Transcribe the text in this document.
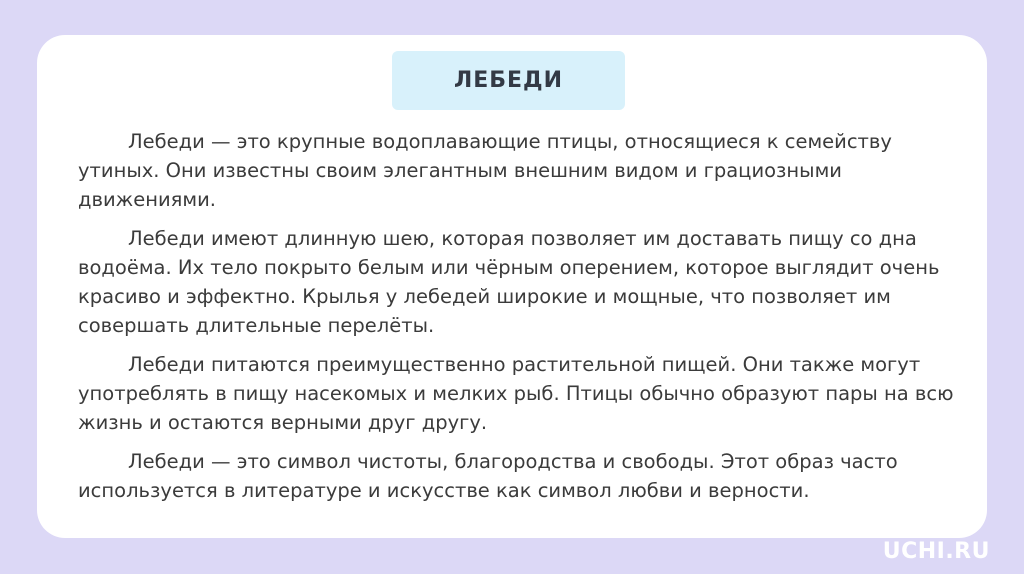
ЛЕБЕДИ

Лебеди — это крупные водоплавающие птицы, относящиеся к семейству утиных. Они известны своим элегантным внешним видом и грациозными движениями.

Лебеди имеют длинную шею, которая позволяет им доставать пищу со дна водоёма. Их тело покрыто белым или чёрным оперением, которое выглядит очень красиво и эффектно. Крылья у лебедей широкие и мощные, что позволяет им совершать длительные перелёты.

Лебеди питаются преимущественно растительной пищей. Они также могут употреблять в пищу насекомых и мелких рыб. Птицы обычно образуют пары на всю жизнь и остаются верными друг другу.

Лебеди — это символ чистоты, благородства и свободы. Этот образ часто используется в литературе и искусстве как символ любви и верности.

UCHI.RU
